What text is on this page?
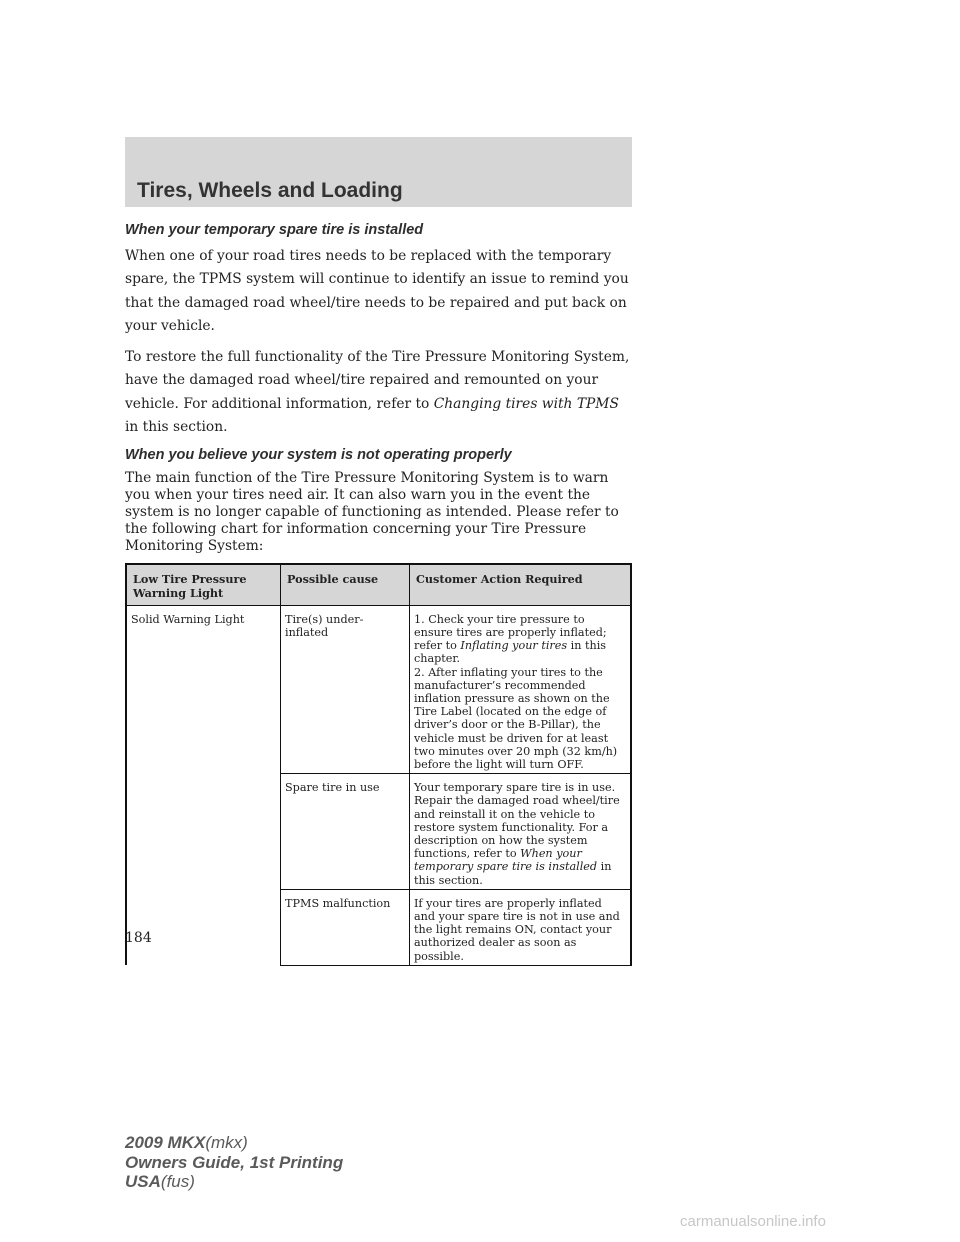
Tires, Wheels and Loading
When your temporary spare tire is installed

When one of your road tires needs to be replaced with the temporary spare, the TPMS system will continue to identify an issue to remind you that the damaged road wheel/tire needs to be repaired and put back on your vehicle.

To restore the full functionality of the Tire Pressure Monitoring System, have the damaged road wheel/tire repaired and remounted on your vehicle. For additional information, refer to Changing tires with TPMS in this section.

When you believe your system is not operating properly

The main function of the Tire Pressure Monitoring System is to warn you when your tires need air. It can also warn you in the event the system is no longer capable of functioning as intended. Please refer to the following chart for information concerning your Tire Pressure Monitoring System:

Low Tire Pressure Warning Light	Possible cause	Customer Action Required
Solid Warning Light	Tire(s) under-inflated	1. Check your tire pressure to ensure tires are properly inflated; refer to Inflating your tires in this chapter.
2. After inflating your tires to the manufacturer’s recommended inflation pressure as shown on the Tire Label (located on the edge of driver’s door or the B-Pillar), the vehicle must be driven for at least two minutes over 20 mph (32 km/h) before the light will turn OFF.
	Spare tire in use	Your temporary spare tire is in use. Repair the damaged road wheel/tire and reinstall it on the vehicle to restore system functionality. For a description on how the system functions, refer to When your temporary spare tire is installed in this section.
	TPMS malfunction	If your tires are properly inflated and your spare tire is not in use and the light remains ON, contact your authorized dealer as soon as possible.
184
2009 MKX(mkx)
Owners Guide, 1st Printing
USA(fus)
carmanualsonline.info
